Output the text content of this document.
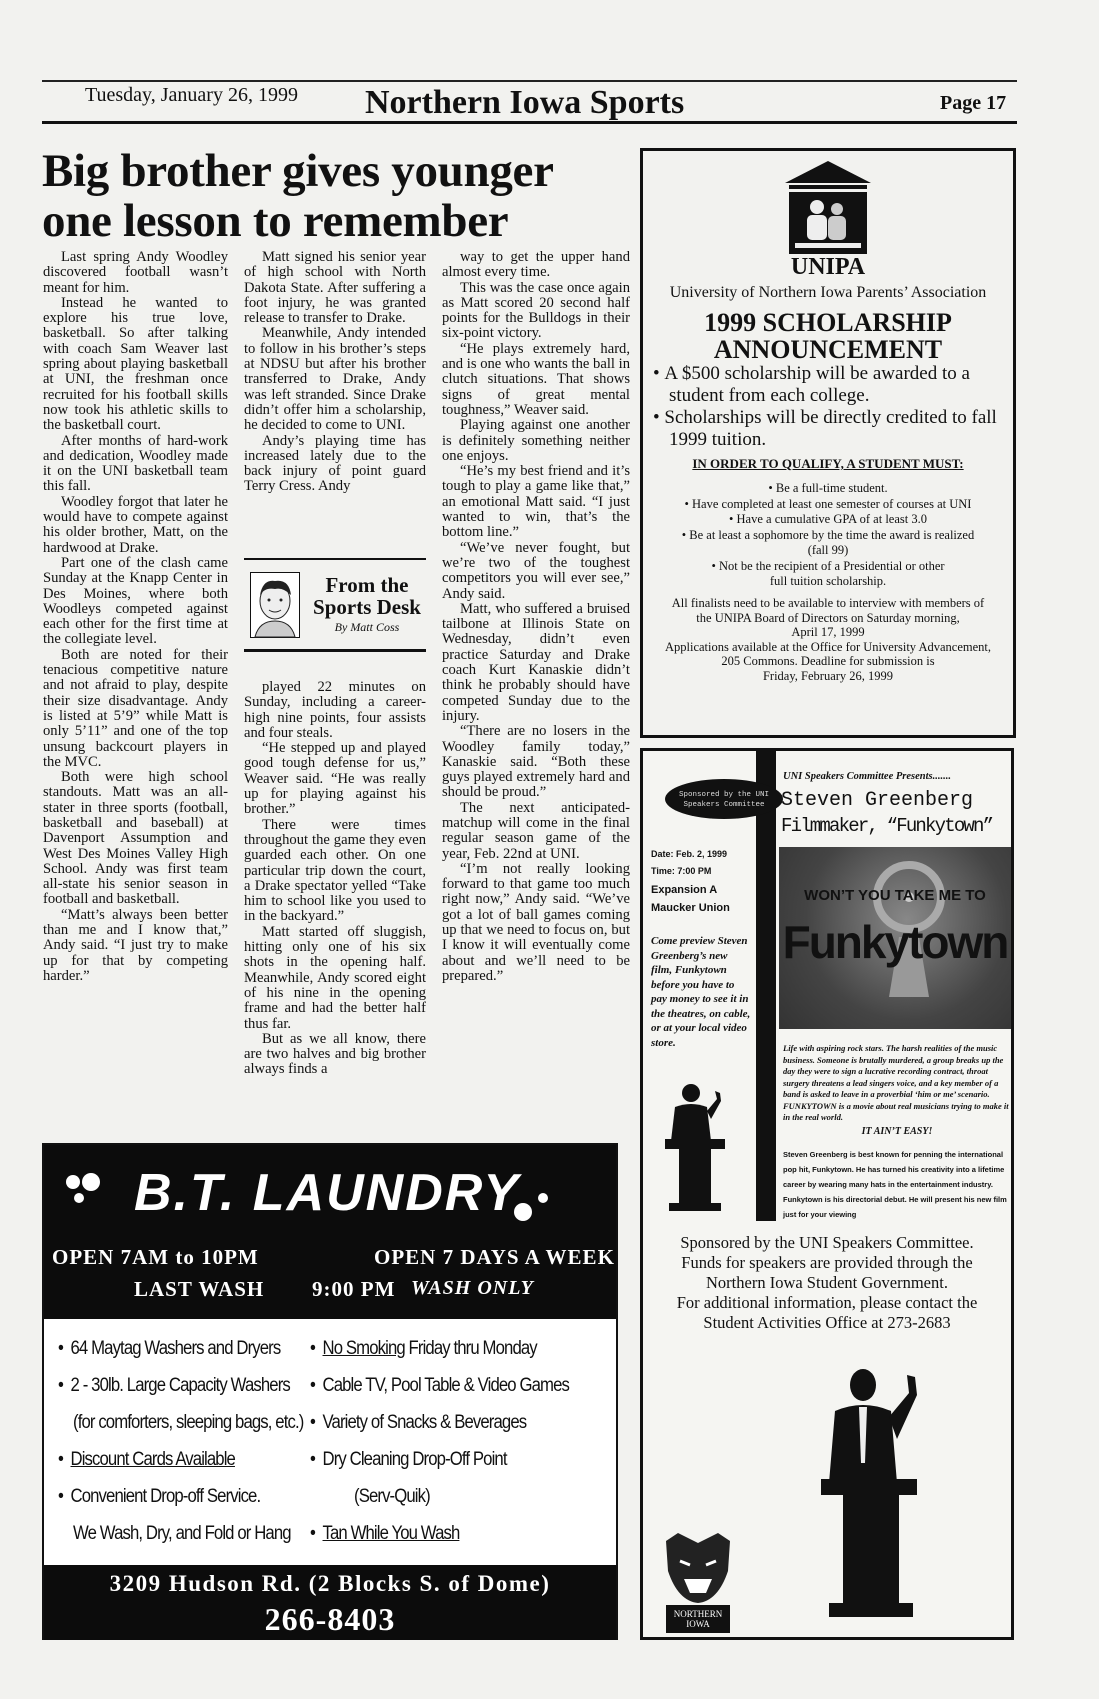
Tuesday, January 26, 1999 Northern Iowa Sports	Page 17
Big brother gives younger
one lesson to remember

Last spring Andy Woodley discovered football wasn’t meant for him.

Instead he wanted to explore his true love, basketball. So after talking with coach Sam Weaver last spring about playing basketball at UNI, the freshman once recruited for his football skills now took his athletic skills to the basketball court.

After months of hard-work and dedication, Woodley made it on the UNI basketball team this fall.

Woodley forgot that later he would have to compete against his older brother, Matt, on the hardwood at Drake.

Part one of the clash came Sunday at the Knapp Center in Des Moines, where both Woodleys competed against each other for the first time at the collegiate level.

Both are noted for their tenacious competitive nature and not afraid to play, despite their size disadvantage. Andy is listed at 5’9” while Matt is only 5’11” and one of the top unsung backcourt players in the MVC.

Both were high school standouts. Matt was an all-stater in three sports (football, basketball and baseball) at Davenport Assumption and West Des Moines Valley High School. Andy was first team all-state his senior season in football and basketball.

“Matt’s always been better than me and I know that,” Andy said. “I just try to make up for that by competing harder.”

Matt signed his senior year of high school with North Dakota State. After suffering a foot injury, he was granted release to transfer to Drake.

Meanwhile, Andy intended to follow in his brother’s steps at NDSU but after his brother transferred to Drake, Andy was left stranded. Since Drake didn’t offer him a scholarship, he decided to come to UNI.

Andy’s playing time has increased lately due to the back injury of point guard Terry Cress. Andy

From the
Sports Desk
By Matt Coss

played 22 minutes on Sunday, including a career-high nine points, four assists and four steals.

“He stepped up and played good tough defense for us,” Weaver said. “He was really up for playing against his brother.”

There were times throughout the game they even guarded each other. On one particular trip down the court, a Drake spectator yelled “Take him to school like you used to in the backyard.”

Matt started off sluggish, hitting only one of his six shots in the opening half. Meanwhile, Andy scored eight of his nine in the opening frame and had the better half thus far.

But as we all know, there are two halves and big brother always finds a

way to get the upper hand almost every time.

This was the case once again as Matt scored 20 second half points for the Bulldogs in their six-point victory.

“He plays extremely hard, and is one who wants the ball in clutch situations. That shows signs of great mental toughness,” Weaver said.

Playing against one another is definitely something neither one enjoys.

“He’s my best friend and it’s tough to play a game like that,” an emotional Matt said. “I just wanted to win, that’s the bottom line.”

“We’ve never fought, but we’re two of the toughest competitors you will ever see,” Andy said.

Matt, who suffered a bruised tailbone at Illinois State on Wednesday, didn’t even practice Saturday and Drake coach Kurt Kanaskie didn’t think he probably should have competed Sunday due to the injury.

“There are no losers in the Woodley family today,” Kanaskie said. “Both these guys played extremely hard and should be proud.”

The next anticipated-matchup will come in the final regular season game of the year, Feb. 22nd at UNI.

“I’m not really looking forward to that game too much right now,” Andy said. “We’ve got a lot of ball games coming up that we need to focus on, but I know it will eventually come about and we’ll need to be prepared.”

B.T. LAUNDRY
OPEN 7AM to 10PM	OPEN 7 DAYS A WEEK
LAST WASH 9:00 PM WASH ONLY
•  64 Maytag Washers and Dryers
•  2 - 30lb. Large Capacity Washers
(for comforters, sleeping bags, etc.)
•  Discount Cards Available
•  Convenient Drop-off Service.
We Wash, Dry, and Fold or Hang
•  No Smoking Friday thru Monday
•  Cable TV, Pool Table & Video Games
•  Variety of Snacks & Beverages
•  Dry Cleaning Drop-Off Point
(Serv-Quik)
•  Tan While You Wash
3209 Hudson Rd. (2 Blocks S. of Dome)
266-8403
UNIPA
University of Northern Iowa Parents’ Association
1999 SCHOLARSHIP
ANNOUNCEMENT
• A $500 scholarship will be awarded to a student from each college.
• Scholarships will be directly credited to fall 1999 tuition.
IN ORDER TO QUALIFY, A STUDENT MUST:
• Be a full-time student.
• Have completed at least one semester of courses at UNI
• Have a cumulative GPA of at least 3.0
• Be at least a sophomore by the time the award is realized
(fall 99)
• Not be the recipient of a Presidential or other
full tuition scholarship.
All finalists need to be available to interview with members of
the UNIPA Board of Directors on Saturday morning,
April 17, 1999
Applications available at the Office for University Advancement,
205 Commons. Deadline for submission is
Friday, February 26, 1999
Sponsored by the UNI Speakers Committee
Date: Feb. 2, 1999
Time: 7:00 PM
Expansion A
Maucker Union
Come preview Steven Greenberg’s new film, Funkytown before you have to pay money to see it in the theatres, on cable, or at your local video store.
UNI Speakers Committee Presents.......
Steven Greenberg
Filmmaker, “Funkytown”
WON’T YOU TAKE ME TO
Funkytown
Life with aspiring rock stars. The harsh realities of the music business. Someone is brutally murdered, a group breaks up the day they were to sign a lucrative recording contract, throat surgery threatens a lead singers voice, and a key member of a band is asked to leave in a proverbial ‘him or me’ scenario.
FUNKYTOWN is a movie about real musicians trying to make it in the real world.
IT AIN’T EASY!
Steven Greenberg is best known for penning the international pop hit, Funkytown. He has turned his creativity into a lifetime career by wearing many hats in the entertainment industry. Funkytown is his directorial debut. He will present his new film just for your viewing
Sponsored by the UNI Speakers Committee.
Funds for speakers are provided through the
Northern Iowa Student Government.
For additional information, please contact the
Student Activities Office at 273-2683
NORTHERN IOWA
